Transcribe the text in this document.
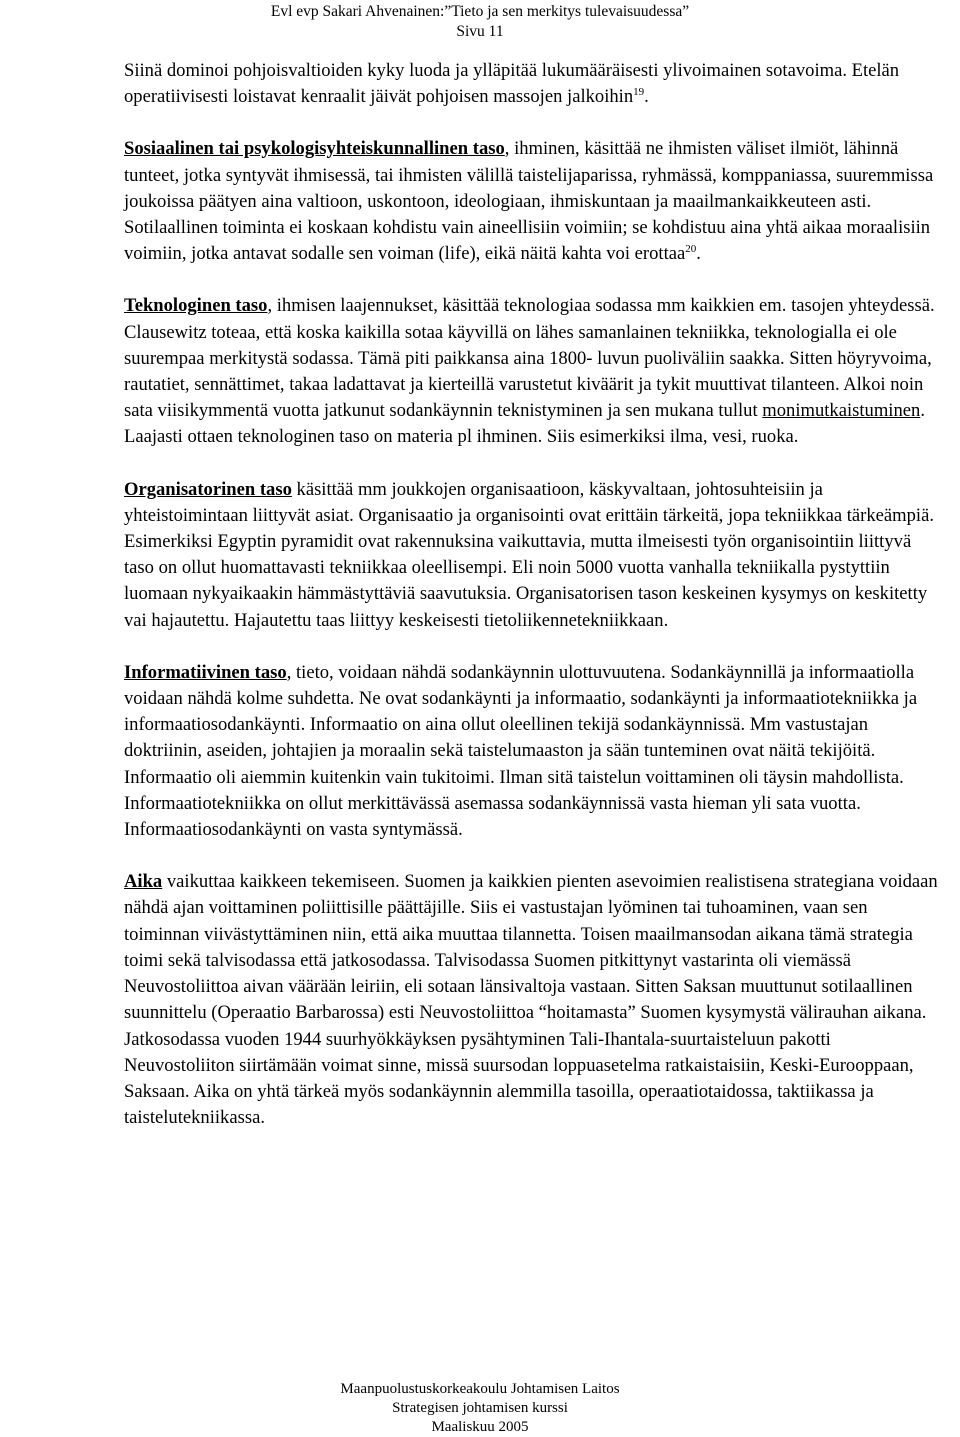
Evl evp Sakari Ahvenainen:”Tieto ja sen merkitys tulevaisuudessa”
Sivu 11

Siinä dominoi pohjoisvaltioiden kyky luoda ja ylläpitää lukumääräisesti ylivoimainen sotavoima. Etelän operatiivisesti loistavat kenraalit jäivät pohjoisen massojen jalkoihin$^{19}$.

Sosiaalinen tai psykologisyhteiskunnallinen taso, ihminen, käsittää ne ihmisten väliset ilmiöt, lähinnä tunteet, jotka syntyvät ihmisessä, tai ihmisten välillä taistelijaparissa, ryhmässä, komppaniassa, suuremmissa joukoissa päätyen aina valtioon, uskontoon, ideologiaan, ihmiskuntaan ja maailmankaikkeuteen asti. Sotilaallinen toiminta ei koskaan kohdistu vain aineellisiin voimiin; se kohdistuu aina yhtä aikaa moraalisiin voimiin, jotka antavat sodalle sen voiman (life), eikä näitä kahta voi erottaa$^{20}$.

Teknologinen taso, ihmisen laajennukset, käsittää teknologiaa sodassa mm kaikkien em. tasojen yhteydessä. Clausewitz toteaa, että koska kaikilla sotaa käyvillä on lähes samanlainen tekniikka, teknologialla ei ole suurempaa merkitystä sodassa. Tämä piti paikkansa aina 1800- luvun puoliväliin saakka. Sitten höyryvoima, rautatiet, sennättimet, takaa ladattavat ja kierteillä varustetut kiväärit ja tykit muuttivat tilanteen. Alkoi noin sata viisikymmentä vuotta jatkunut sodankäynnin teknistyminen ja sen mukana tullut monimutkaistuminen. Laajasti ottaen teknologinen taso on materia pl ihminen. Siis esimerkiksi ilma, vesi, ruoka.

Organisatorinen taso käsittää mm joukkojen organisaatioon, käskyvaltaan, johtosuhteisiin ja yhteistoimintaan liittyvät asiat. Organisaatio ja organisointi ovat erittäin tärkeitä, jopa tekniikkaa tärkeämpiä. Esimerkiksi Egyptin pyramidit ovat rakennuksina vaikuttavia, mutta ilmeisesti työn organisointiin liittyvä taso on ollut huomattavasti tekniikkaa oleellisempi. Eli noin 5000 vuotta vanhalla tekniikalla pystyttiin luomaan nykyaikaakin hämmästyttäviä saavutuksia. Organisatorisen tason keskeinen kysymys on keskitetty vai hajautettu. Hajautettu taas liittyy keskeisesti tietoliikennetekniikkaan.

Informatiivinen taso, tieto, voidaan nähdä sodankäynnin ulottuvuutena. Sodankäynnillä ja informaatiolla voidaan nähdä kolme suhdetta. Ne ovat sodankäynti ja informaatio, sodankäynti ja informaatiotekniikka ja informaatiosodankäynti. Informaatio on aina ollut oleellinen tekijä sodankäynnissä. Mm vastustajan doktriinin, aseiden, johtajien ja moraalin sekä taistelumaaston ja sään tunteminen ovat näitä tekijöitä. Informaatio oli aiemmin kuitenkin vain tukitoimi. Ilman sitä taistelun voittaminen oli täysin mahdollista. Informaatiotekniikka on ollut merkittävässä asemassa sodankäynnissä vasta hieman yli sata vuotta. Informaatiosodankäynti on vasta syntymässä.

Aika vaikuttaa kaikkeen tekemiseen. Suomen ja kaikkien pienten asevoimien realistisena strategiana voidaan nähdä ajan voittaminen poliittisille päättäjille. Siis ei vastustajan lyöminen tai tuhoaminen, vaan sen toiminnan viivästyttäminen niin, että aika muuttaa tilannetta. Toisen maailmansodan aikana tämä strategia toimi sekä talvisodassa että jatkosodassa. Talvisodassa Suomen pitkittynyt vastarinta oli viemässä Neuvostoliittoa aivan väärään leiriin, eli sotaan länsivaltoja vastaan. Sitten Saksan muuttunut sotilaallinen suunnittelu (Operaatio Barbarossa) esti Neuvostoliittoa “hoitamasta” Suomen kysymystä välirauhan aikana. Jatkosodassa vuoden 1944 suurhyökkäyksen pysähtyminen Tali-Ihantala-suurtaisteluun pakotti Neuvostoliiton siirtämään voimat sinne, missä suursodan loppuasetelma ratkaistaisiin, Keski-Eurooppaan, Saksaan. Aika on yhtä tärkeä myös sodankäynnin alemmilla tasoilla, operaatiotaidossa, taktiikassa ja taistelutekniikassa.

Maanpuolustuskorkeakoulu Johtamisen Laitos
Strategisen johtamisen kurssi
Maaliskuu 2005
